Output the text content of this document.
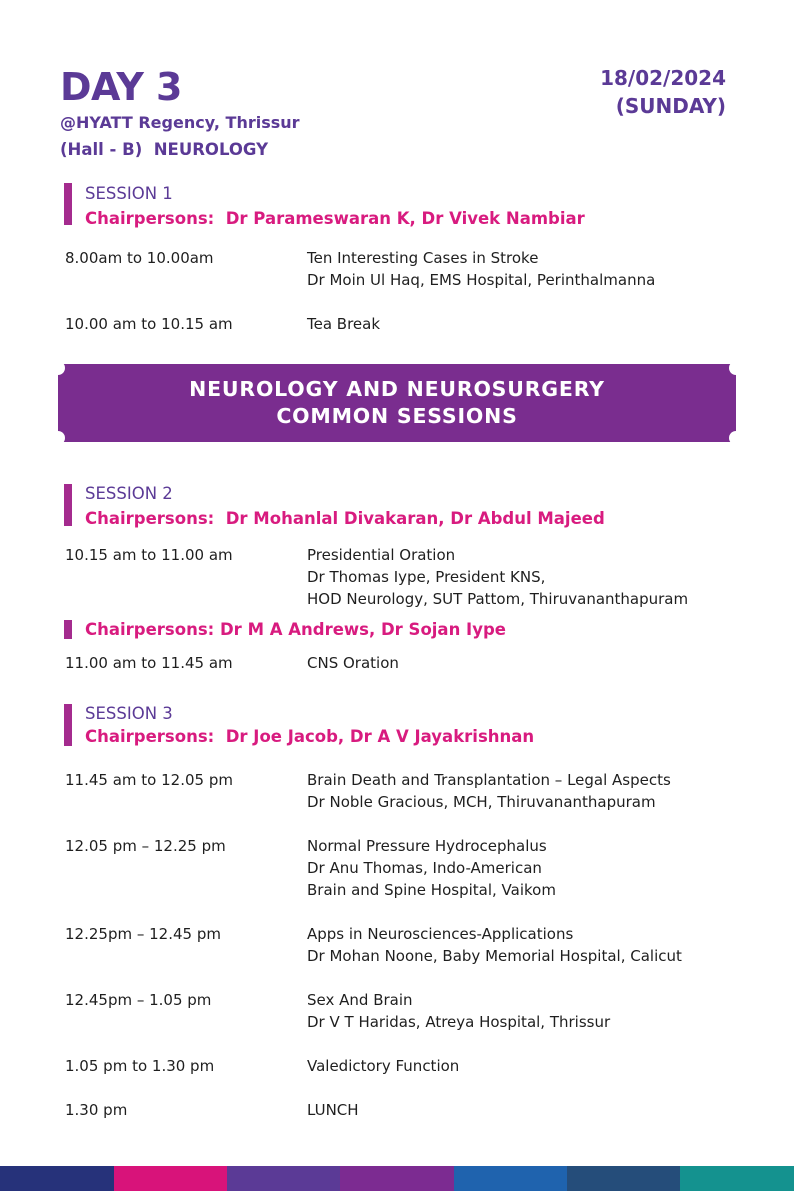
DAY 3
@HYATT Regency, Thrissur
(Hall - B)  NEUROLOGY
18/02/2024
(SUNDAY)
SESSION 1
Chairpersons:  Dr Parameswaran K, Dr Vivek Nambiar
8.00am to 10.00am	Ten Interesting Cases in Stroke
Dr Moin Ul Haq, EMS Hospital, Perinthalmanna
10.00 am to 10.15 am	Tea Break
NEUROLOGY AND NEUROSURGERY
COMMON SESSIONS
SESSION 2
Chairpersons:  Dr Mohanlal Divakaran, Dr Abdul Majeed
10.15 am to 11.00 am	Presidential Oration
Dr Thomas Iype, President KNS,
HOD Neurology, SUT Pattom, Thiruvananthapuram
Chairpersons: Dr M A Andrews, Dr Sojan Iype
11.00 am to 11.45 am	CNS Oration
SESSION 3
Chairpersons:  Dr Joe Jacob, Dr A V Jayakrishnan
11.45 am to 12.05 pm	Brain Death and Transplantation – Legal Aspects
Dr Noble Gracious, MCH, Thiruvananthapuram
12.05 pm – 12.25 pm	Normal Pressure Hydrocephalus
Dr Anu Thomas, Indo-American
Brain and Spine Hospital, Vaikom
12.25pm – 12.45 pm	Apps in Neurosciences-Applications
Dr Mohan Noone, Baby Memorial Hospital, Calicut
12.45pm – 1.05 pm	Sex And Brain
Dr V T Haridas, Atreya Hospital, Thrissur
1.05 pm to 1.30 pm	Valedictory Function
1.30 pm	LUNCH
